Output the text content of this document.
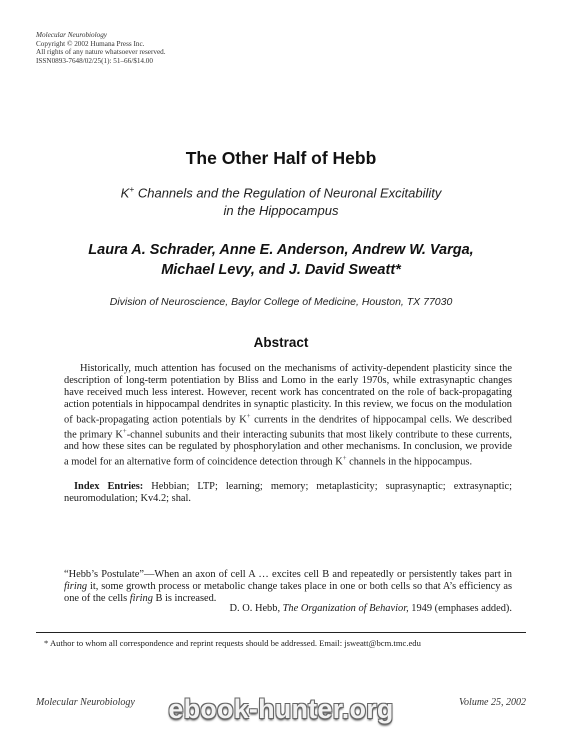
Molecular Neurobiology
Copyright © 2002 Humana Press Inc.
All rights of any nature whatsoever reserved.
ISSN0893-7648/02/25(1): 51–66/$14.00
The Other Half of Hebb
K+ Channels and the Regulation of Neuronal Excitability
in the Hippocampus
Laura A. Schrader, Anne E. Anderson, Andrew W. Varga,
Michael Levy, and J. David Sweatt*
Division of Neuroscience, Baylor College of Medicine, Houston, TX 77030
Abstract
Historically, much attention has focused on the mechanisms of activity-dependent plasticity since the description of long-term potentiation by Bliss and Lomo in the early 1970s, while extrasynaptic changes have received much less interest. However, recent work has concentrated on the role of back-propagating action potentials in hippocampal dendrites in synaptic plasticity. In this review, we focus on the modulation of back-propagating action potentials by K+ currents in the dendrites of hippocampal cells. We described the primary K+-channel subunits and their interacting subunits that most likely contribute to these currents, and how these sites can be regulated by phosphorylation and other mechanisms. In conclusion, we provide a model for an alternative form of coincidence detection through K+ channels in the hippocampus.
Index Entries: Hebbian; LTP; learning; memory; metaplasticity; suprasynaptic; extrasynaptic; neuromodulation; Kv4.2; shal.
“Hebb’s Postulate”—When an axon of cell A … excites cell B and repeatedly or persistently takes part in firing it, some growth process or metabolic change takes place in one or both cells so that A’s efficiency as one of the cells firing B is increased.
D. O. Hebb, The Organization of Behavior, 1949 (emphases added).
* Author to whom all correspondence and reprint requests should be addressed. Email: jsweatt@bcm.tmc.edu
Molecular Neurobiology	Volume 25, 2002
ebook-hunter.org
